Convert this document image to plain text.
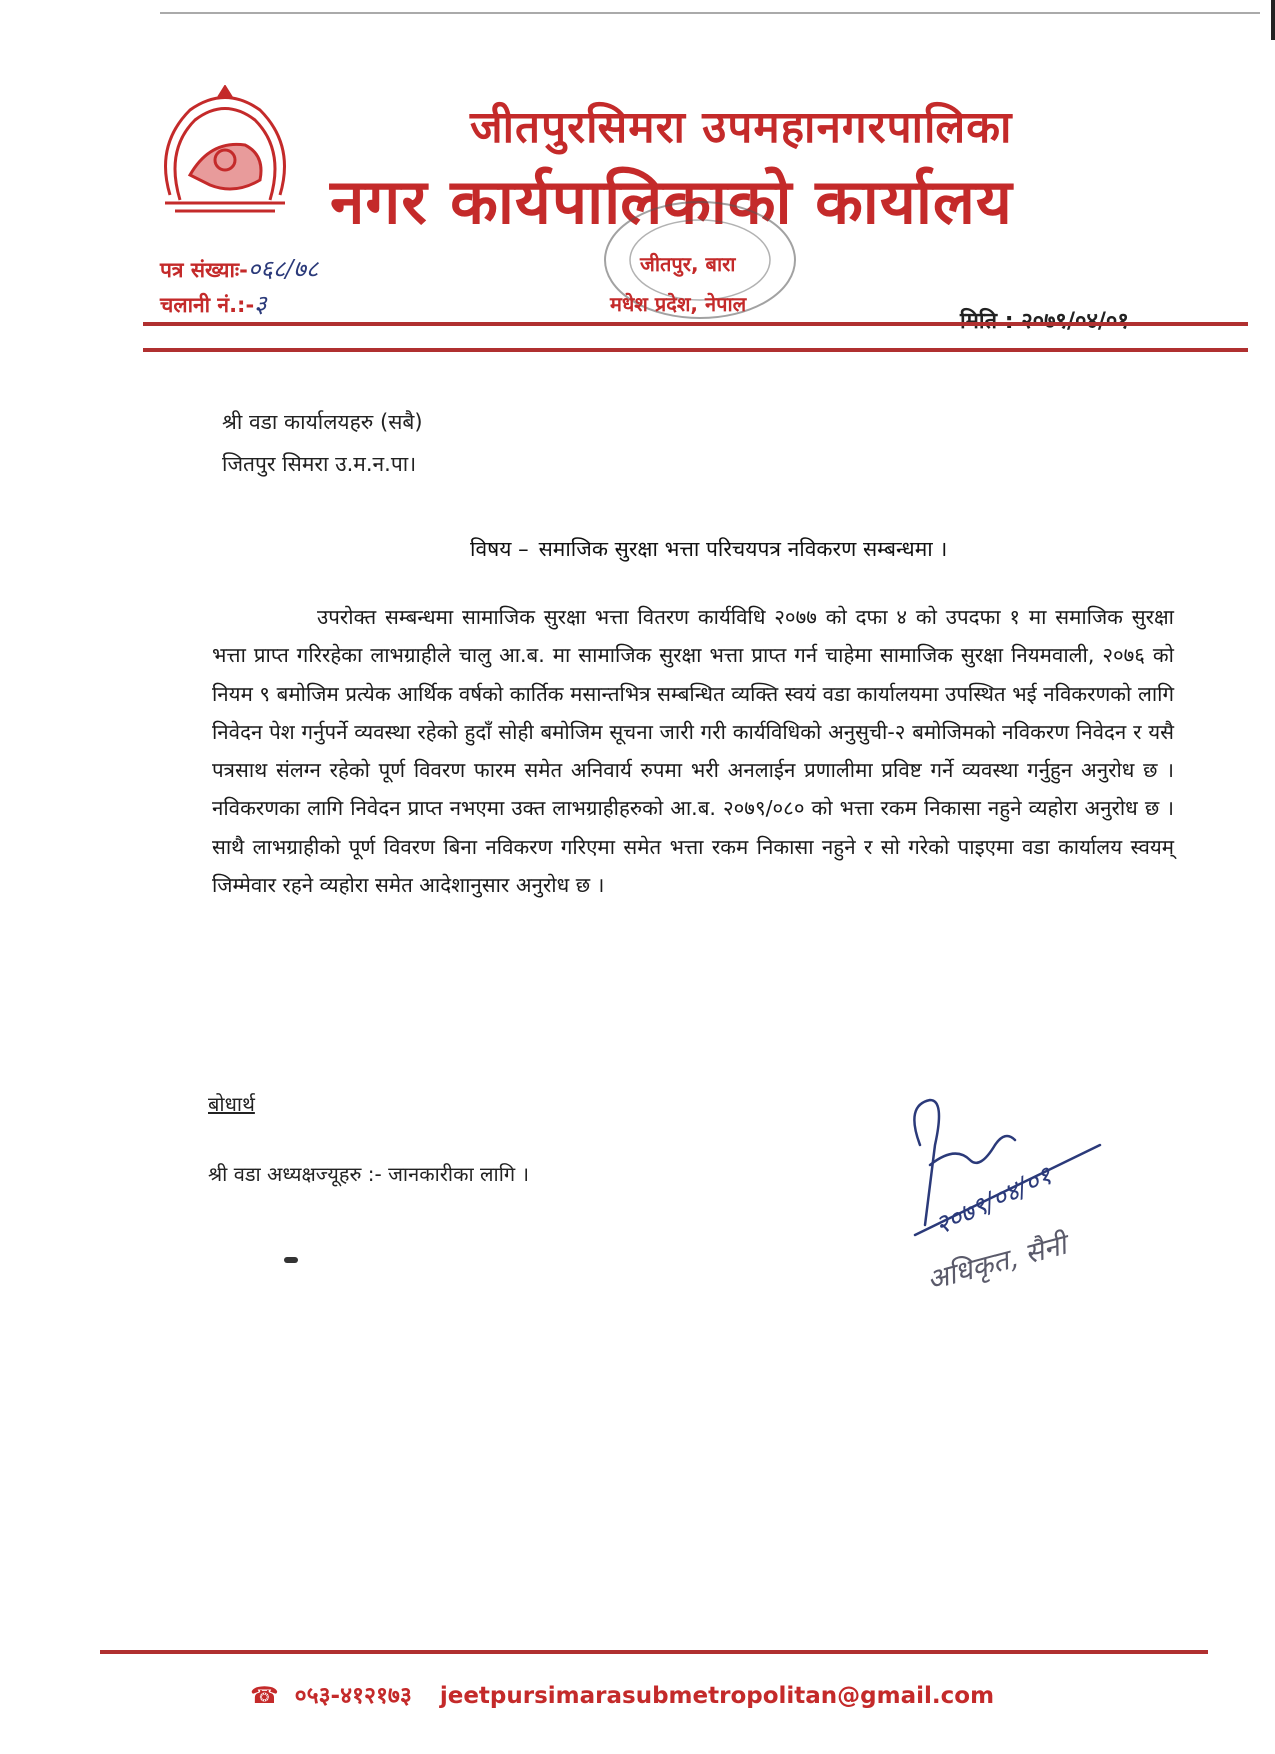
जीतपुरसिमरा उपमहानगरपालिका
नगर कार्यपालिकाको कार्यालय
जीतपुर, बारा
मधेश प्रदेश, नेपाल
पत्र संख्याः-०६८/७८
चलानी नं.:-३
श्री वडा कार्यालयहरु (सबै)
जितपुर सिमरा उ.म.न.पा।
विषय – समाजिक सुरक्षा भत्ता परिचयपत्र नविकरण सम्बन्धमा ।

उपरोक्त सम्बन्धमा सामाजिक सुरक्षा भत्ता वितरण कार्यविधि २०७७ को दफा ४ को उपदफा १ मा समाजिक सुरक्षा भत्ता प्राप्त गरिरहेका लाभग्राहीले चालु आ.ब. मा सामाजिक सुरक्षा भत्ता प्राप्त गर्न चाहेमा सामाजिक सुरक्षा नियमवाली, २०७६ को नियम ९ बमोजिम प्रत्येक आर्थिक वर्षको कार्तिक मसान्तभित्र सम्बन्धित व्यक्ति स्वयं वडा कार्यालयमा उपस्थित भई नविकरणको लागि निवेदन पेश गर्नुपर्ने व्यवस्था रहेको हुदाँ सोही बमोजिम सूचना जारी गरी कार्यविधिको अनुसुची-२ बमोजिमको नविकरण निवेदन र यसै पत्रसाथ संलग्न रहेको पूर्ण विवरण फारम समेत अनिवार्य रुपमा भरी अनलाईन प्रणालीमा प्रविष्ट गर्ने व्यवस्था गर्नुहुन अनुरोध छ ।नविकरणका लागि निवेदन प्राप्त नभएमा उक्त लाभग्राहीहरुको आ.ब. २०७९/०८० को भत्ता रकम निकासा नहुने व्यहोरा अनुरोध छ । साथै लाभग्राहीको पूर्ण विवरण बिना नविकरण गरिएमा समेत भत्ता रकम निकासा नहुने र सो गरेको पाइएमा वडा कार्यालय स्वयम् जिम्मेवार रहने व्यहोरा समेत आदेशानुसार अनुरोध छ ।

बोधार्थ
श्री वडा अध्यक्षज्यूहरु :- जानकारीका लागि ।	२०७९/०४/०१
अधिकृत, सैनी
☎ ०५३-४१२१७३ jeetpursimarasubmetropolitan@gmail.com
